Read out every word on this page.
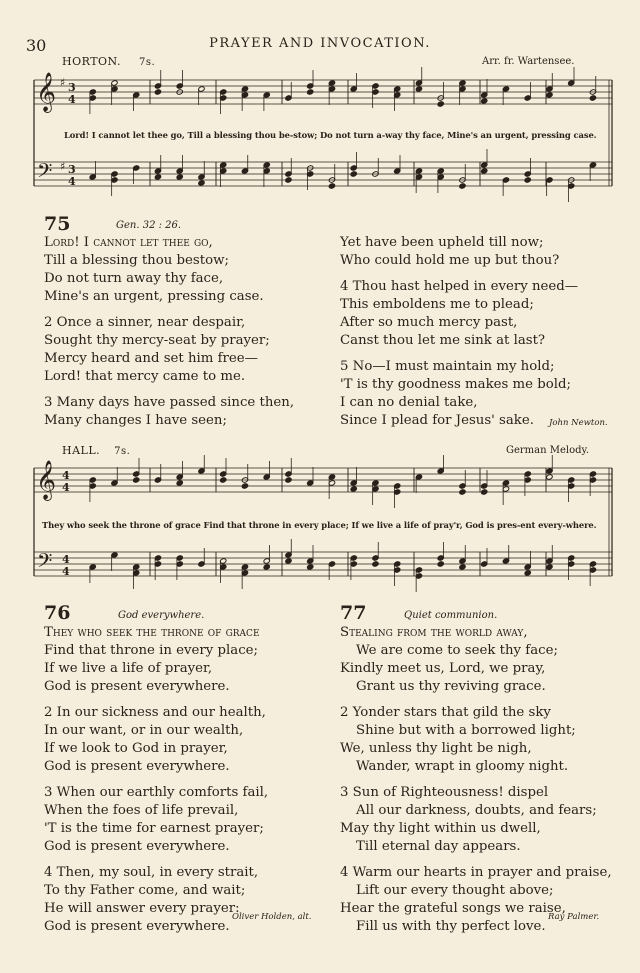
30	PRAYER AND INVOCATION.
HORTON. 7s.	Arr. fr. Wartensee.
𝄞
𝄢
♯
♯
3
4
3
4
Lord! I cannot let thee go, Till a blessing thou be-stow; Do not turn a-way thy face, Mine's an urgent, pressing case.
75	Gen. 32 : 26.
Lord! I cannot let thee go,
Till a blessing thou bestow;
Do not turn away thy face,
Mine's an urgent, pressing case.
2 Once a sinner, near despair,
Sought thy mercy-seat by prayer;
Mercy heard and set him free—
Lord! that mercy came to me.
3 Many days have passed since then,
Many changes I have seen;
Yet have been upheld till now;
Who could hold me up but thou?
4 Thou hast helped in every need—
This emboldens me to plead;
After so much mercy past,
Canst thou let me sink at last?
5 No—I must maintain my hold;
'T is thy goodness makes me bold;
I can no denial take,
Since I plead for Jesus' sake.	John Newton.
HALL. 7s.	German Melody.
𝄞
𝄢
4
4
4
4
They who seek the throne of grace Find that throne in every place; If we live a life of pray'r, God is pres-ent every-where.
76	God everywhere.
They who seek the throne of grace
Find that throne in every place;
If we live a life of prayer,
God is present everywhere.
2 In our sickness and our health,
In our want, or in our wealth,
If we look to God in prayer,
God is present everywhere.
3 When our earthly comforts fail,
When the foes of life prevail,
'T is the time for earnest prayer;
God is present everywhere.
4 Then, my soul, in every strait,
To thy Father come, and wait;
He will answer every prayer:
God is present everywhere.
Oliver Holden, alt.
77	Quiet communion.
Stealing from the world away,
We are come to seek thy face;
Kindly meet us, Lord, we pray,
Grant us thy reviving grace.
2 Yonder stars that gild the sky
Shine but with a borrowed light;
We, unless thy light be nigh,
Wander, wrapt in gloomy night.
3 Sun of Righteousness! dispel
All our darkness, doubts, and fears;
May thy light within us dwell,
Till eternal day appears.
4 Warm our hearts in prayer and praise,
Lift our every thought above;
Hear the grateful songs we raise,
Fill us with thy perfect love.
Ray Palmer.
